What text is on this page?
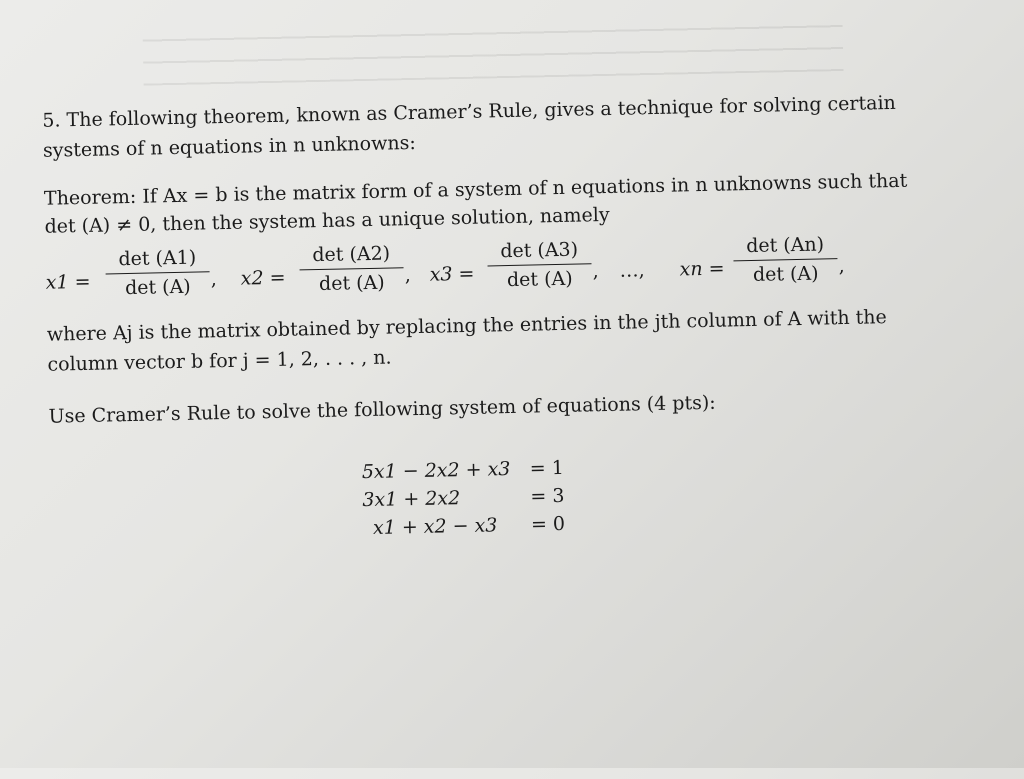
5. The following theorem, known as Cramer’s Rule, gives a technique for solving certain
systems of n equations in n unknowns:
Theorem: If Ax = b is the matrix form of a system of n equations in n unknowns such that
det (A) ≠ 0, then the system has a unique solution, namely
x1 =
det (A1)
det (A)	, x2 =
det (A2)
det (A)	, x3 =
det (A3)
det (A)	, …, xn =
det (An)
det (A)	,
where Aj is the matrix obtained by replacing the entries in the jth column of A with the
column vector b for j = 1, 2, . . . , n.
Use Cramer’s Rule to solve the following system of equations (4 pts):
5x1 − 2x2 + x3 = 1
3x1 + 2x2	= 3
x1 + x2 − x3 = 0
